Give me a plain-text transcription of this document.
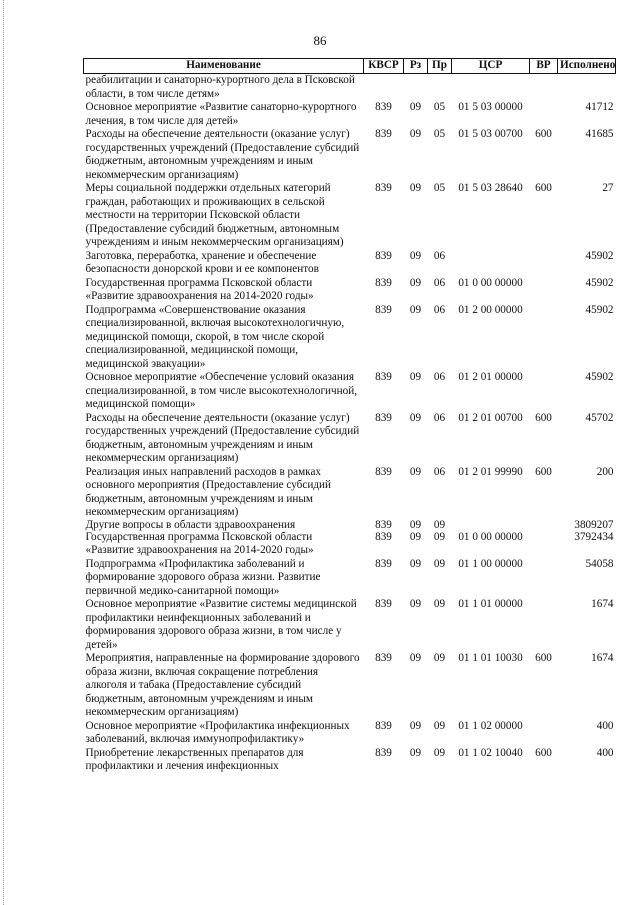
86
Наименование	КВСР	Рз	Пр	ЦСР	ВР	Исполнено
реабилитации и санаторно-курортного дела в Псковской области, в том числе детям»						
Основное мероприятие «Развитие санаторно-курортного лечения, в том числе для детей»	839	09	05	01 5 03 00000		41712
Расходы на обеспечение деятельности (оказание услуг) государственных учреждений (Предоставление субсидий бюджетным, автономным учреждениям и иным некоммерческим организациям)	839	09	05	01 5 03 00700	600	41685
Меры социальной поддержки отдельных категорий граждан, работающих и проживающих в сельской местности на территории Псковской области (Предоставление субсидий бюджетным, автономным учреждениям и иным некоммерческим организациям)	839	09	05	01 5 03 28640	600	27
Заготовка, переработка, хранение и обеспечение безопасности донорской крови и ее компонентов	839	09	06			45902
Государственная программа Псковской области «Развитие здравоохранения на 2014-2020 годы»	839	09	06	01 0 00 00000		45902
Подпрограмма «Совершенствование оказания специализированной, включая высокотехнологичную, медицинской помощи, скорой, в том числе скорой специализированной, медицинской помощи, медицинской эвакуации»	839	09	06	01 2 00 00000		45902
Основное мероприятие «Обеспечение условий оказания специализированной, в том числе высокотехнологичной, медицинской помощи»	839	09	06	01 2 01 00000		45902
Расходы на обеспечение деятельности (оказание услуг) государственных учреждений (Предоставление субсидий бюджетным, автономным учреждениям и иным некоммерческим организациям)	839	09	06	01 2 01 00700	600	45702
Реализация иных направлений расходов в рамках основного мероприятия (Предоставление субсидий бюджетным, автономным учреждениям и иным некоммерческим организациям)	839	09	06	01 2 01 99990	600	200
Другие вопросы в области здравоохранения	839	09	09			3809207
Государственная программа Псковской области «Развитие здравоохранения на 2014-2020 годы»	839	09	09	01 0 00 00000		3792434
Подпрограмма «Профилактика заболеваний и формирование здорового образа жизни. Развитие первичной медико-санитарной помощи»	839	09	09	01 1 00 00000		54058
Основное мероприятие «Развитие системы медицинской профилактики неинфекционных заболеваний и формирования здорового образа жизни, в том числе у детей»	839	09	09	01 1 01 00000		1674
Мероприятия, направленные на формирование здорового образа жизни, включая сокращение потребления алкоголя и табака (Предоставление субсидий бюджетным, автономным учреждениям и иным некоммерческим организациям)	839	09	09	01 1 01 10030	600	1674
Основное мероприятие «Профилактика инфекционных заболеваний, включая иммунопрофилактику»	839	09	09	01 1 02 00000		400
Приобретение лекарственных препаратов для профилактики и лечения инфекционных	839	09	09	01 1 02 10040	600	400
